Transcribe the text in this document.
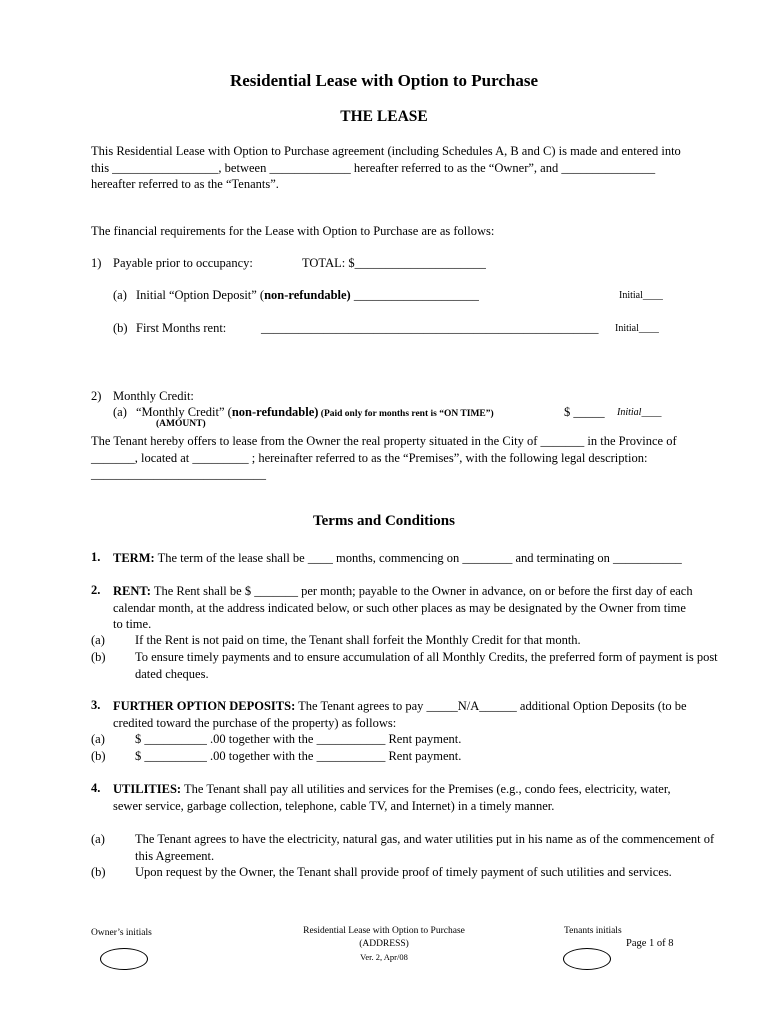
Residential Lease with Option to Purchase
THE LEASE
This Residential Lease with Option to Purchase agreement (including Schedules A, B and C) is made and entered into this _________________, between _____________ hereafter referred to as the “Owner”, and _______________ hereafter referred to as the “Tenants”.
The financial requirements for the Lease with Option to Purchase are as follows:
1) Payable prior to occupancy:	TOTAL: $_____________________
(a) Initial “Option Deposit” (non-refundable) ____________________	Initial____
(b) First Months rent:	______________________________________________________ Initial____
2) Monthly Credit:
(a) “Monthly Credit” (non-refundable) (Paid only for months rent is “ON TIME”)	$ _____ Initial____
(AMOUNT)
The Tenant hereby offers to lease from the Owner the real property situated in the City of _______ in the Province of _______, located at _________ ; hereinafter referred to as the “Premises”, with the following legal description: ____________________________
Terms and Conditions
1. TERM: The term of the lease shall be ____ months, commencing on ________ and terminating on ___________
2. RENT: The Rent shall be $ _______ per month; payable to the Owner in advance, on or before the first day of each calendar month, at the address indicated below, or such other places as may be designated by the Owner from time to time.
(a) If the Rent is not paid on time, the Tenant shall forfeit the Monthly Credit for that month.
(b) To ensure timely payments and to ensure accumulation of all Monthly Credits, the preferred form of payment is post dated cheques.
3. FURTHER OPTION DEPOSITS: The Tenant agrees to pay _____N/A______ additional Option Deposits (to be credited toward the purchase of the property) as follows:
(a) $ __________ .00 together with the ___________ Rent payment.
(b) $ __________ .00 together with the ___________ Rent payment.
4. UTILITIES: The Tenant shall pay all utilities and services for the Premises (e.g., condo fees, electricity, water, sewer service, garbage collection, telephone, cable TV, and Internet) in a timely manner.
(a) The Tenant agrees to have the electricity, natural gas, and water utilities put in his name as of the commencement of this Agreement.
(b) Upon request by the Owner, the Tenant shall provide proof of timely payment of such utilities and services.
Owner’s initials	Residential Lease with Option to Purchase
(ADDRESS)
Ver. 2, Apr/08
Tenants initials
Page 1 of 8
